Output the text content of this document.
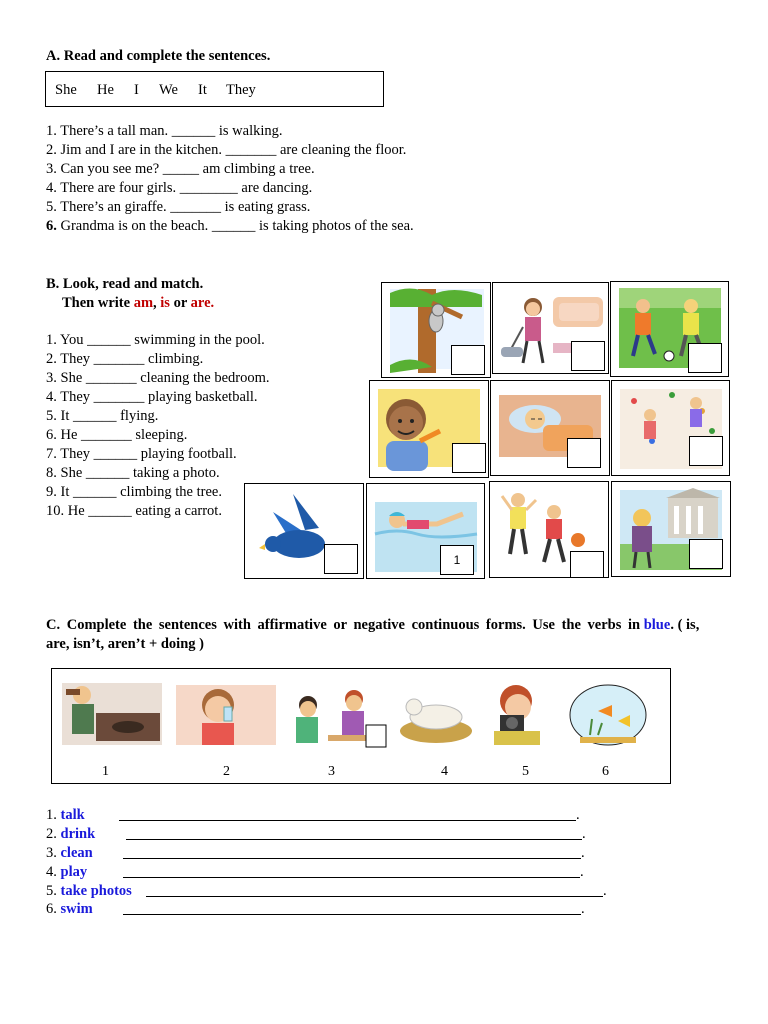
A. Read and complete the sentences.
She He I We It They
1. There’s a tall man. ______ is walking.
2. Jim and I are in the kitchen. _______ are cleaning the floor.
3. Can you see me? _____ am climbing a tree.
4. There are four girls. ________ are dancing.
5. There’s an giraffe. _______ is eating grass.
6. Grandma is on the beach. ______ is taking photos of the sea.
B. Look, read and match.
Then write am, is or are.
1. You ______ swimming in the pool.
2. They _______ climbing.
3. She _______ cleaning the bedroom.
4. They _______ playing basketball.
5. It ______ flying.
6. He _______ sleeping.
7. They ______ playing football.
8. She ______ taking a photo.
9. It ______ climbing the tree.
10. He ______ eating a carrot.
1
C. Complete the sentences with affirmative or negative continuous forms. Use the verbs in blue. ( is,
are, isn’t, aren’t + doing )
1	2	3	4	5	6
1. talk	.
2. drink	.
3. clean	.
4. play	.
5. take photos	.
6. swim	.
